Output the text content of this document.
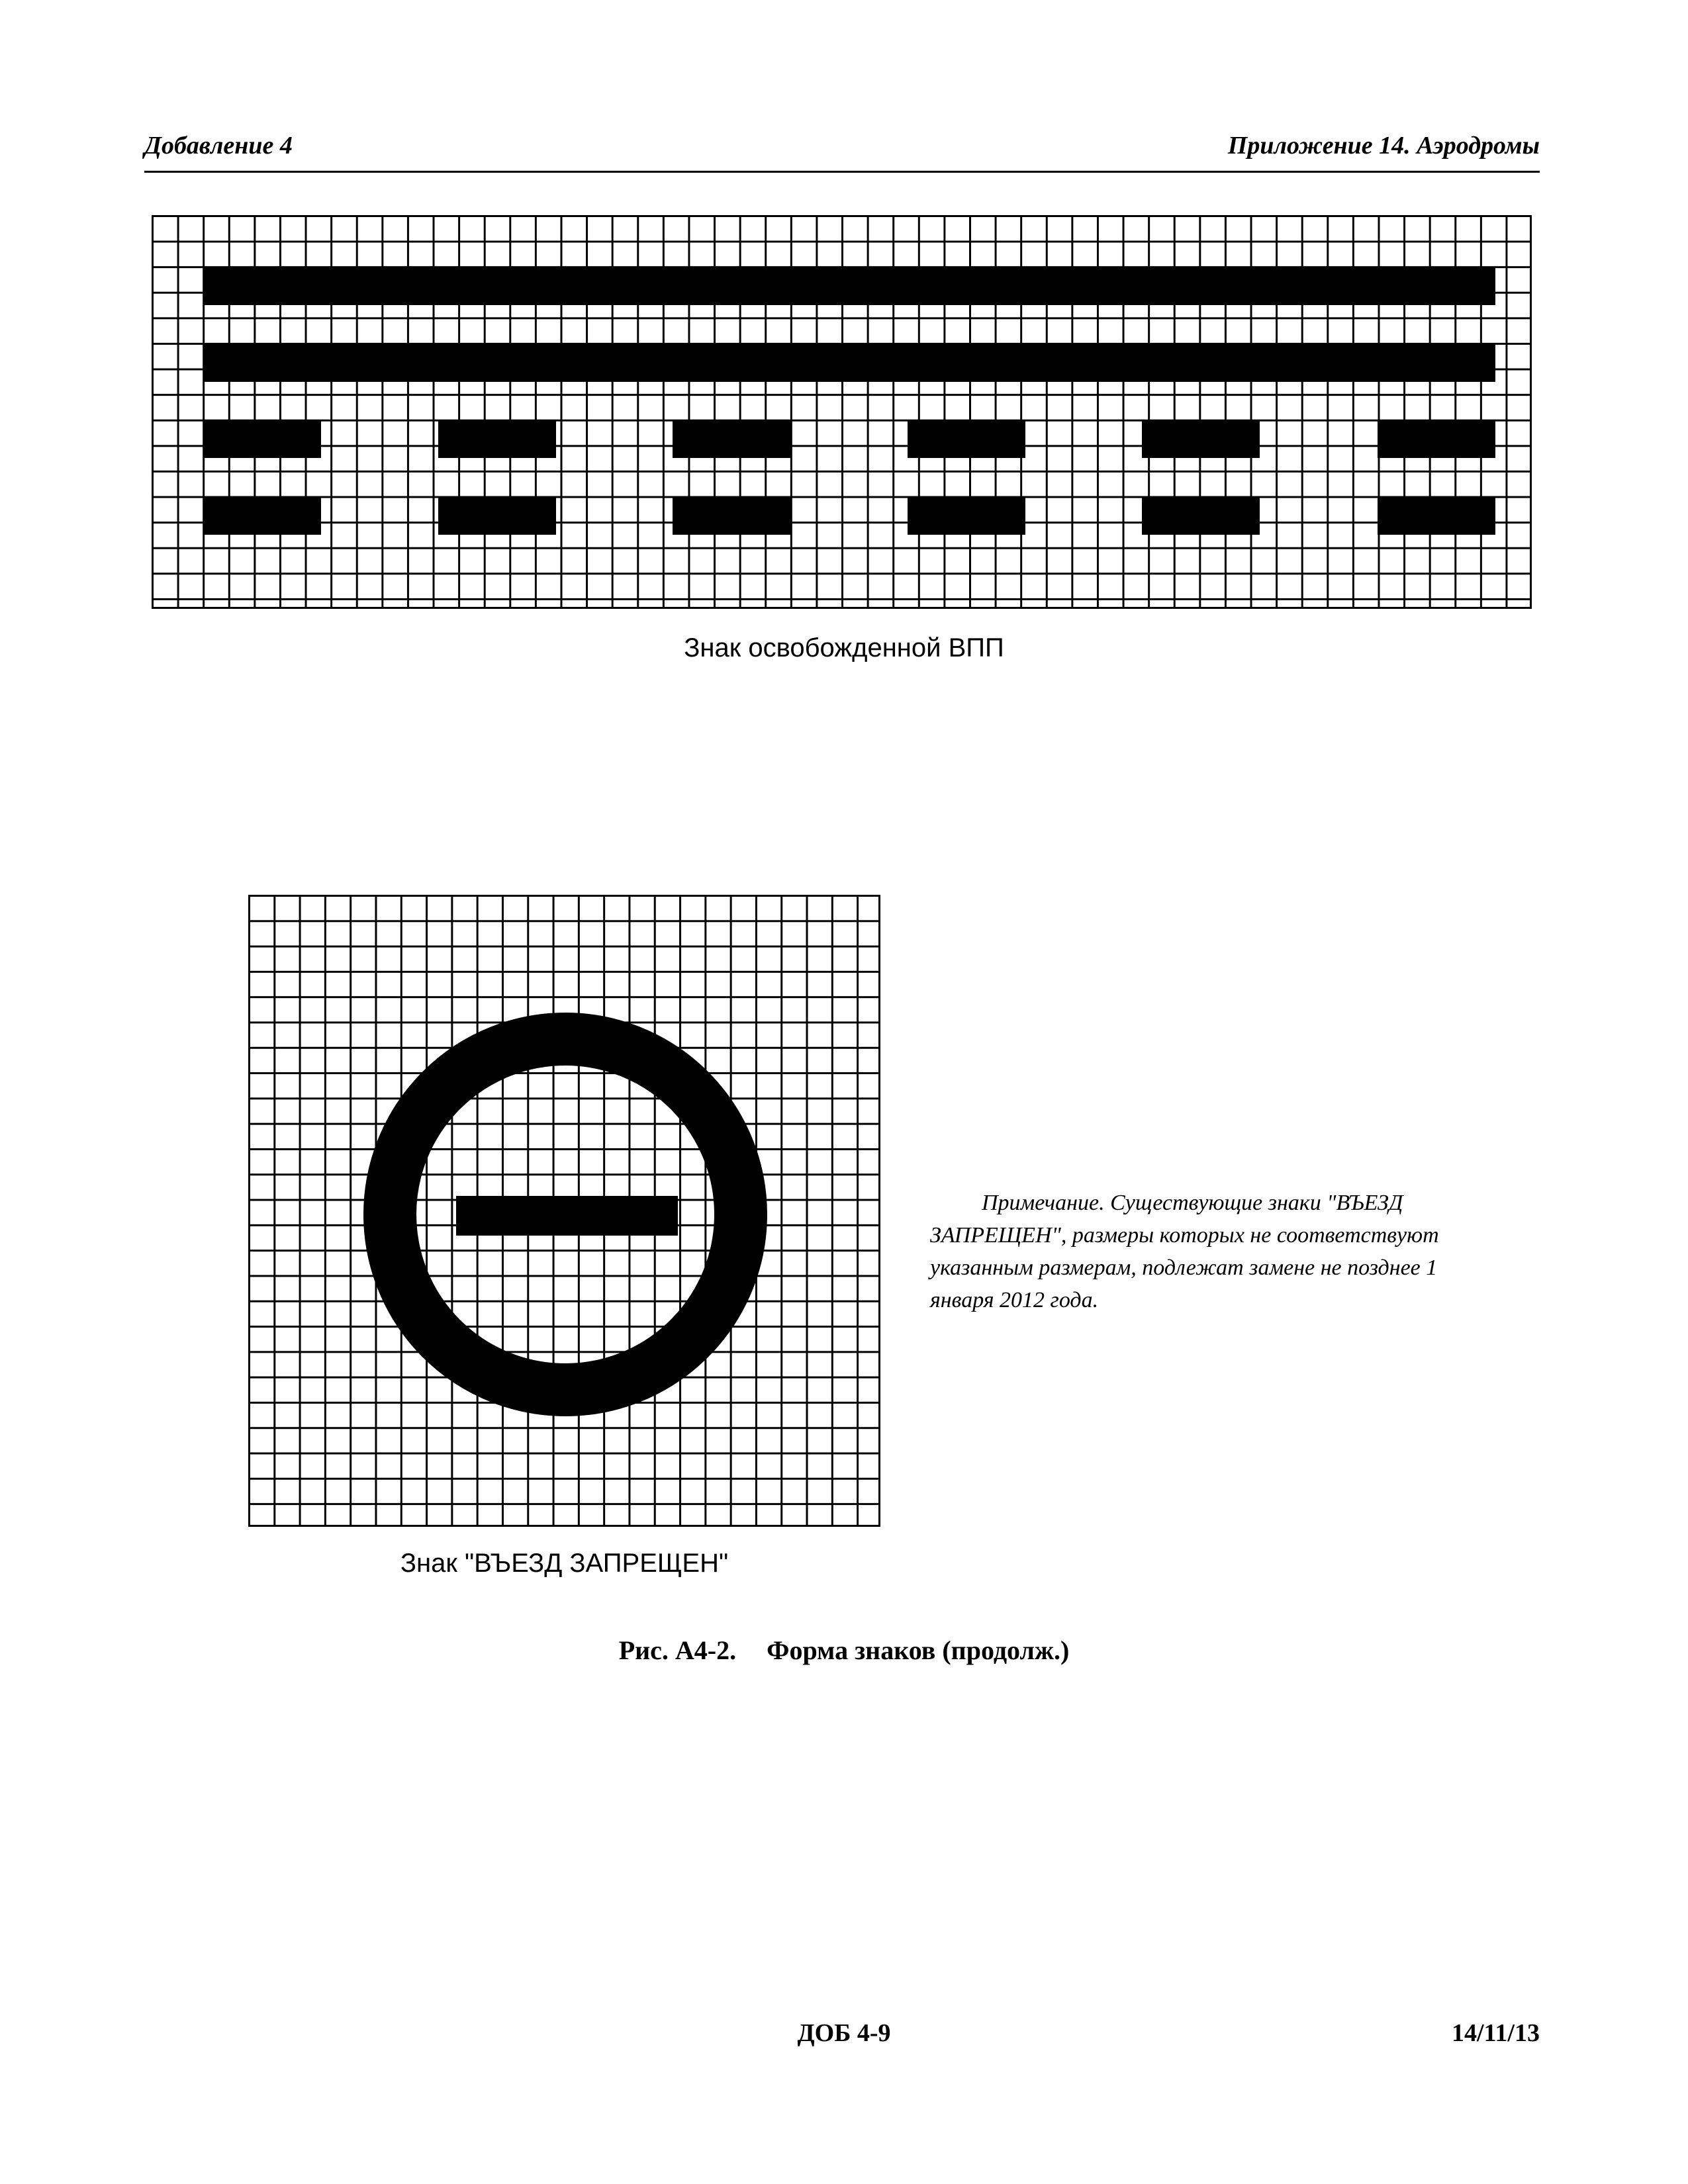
Добавление 4	Приложение 14. Аэродромы
Знак освобожденной ВПП
Знак "ВЪЕЗД ЗАПРЕЩЕН"

Примечание. Существующие знаки "ВЪЕЗД ЗАПРЕЩЕН", размеры которых не соответствуют указанным размерам, подлежат замене не позднее 1 января 2012 года.

Рис. А4-2. Форма знаков (продолж.)
ДОБ 4-9	14/11/13
